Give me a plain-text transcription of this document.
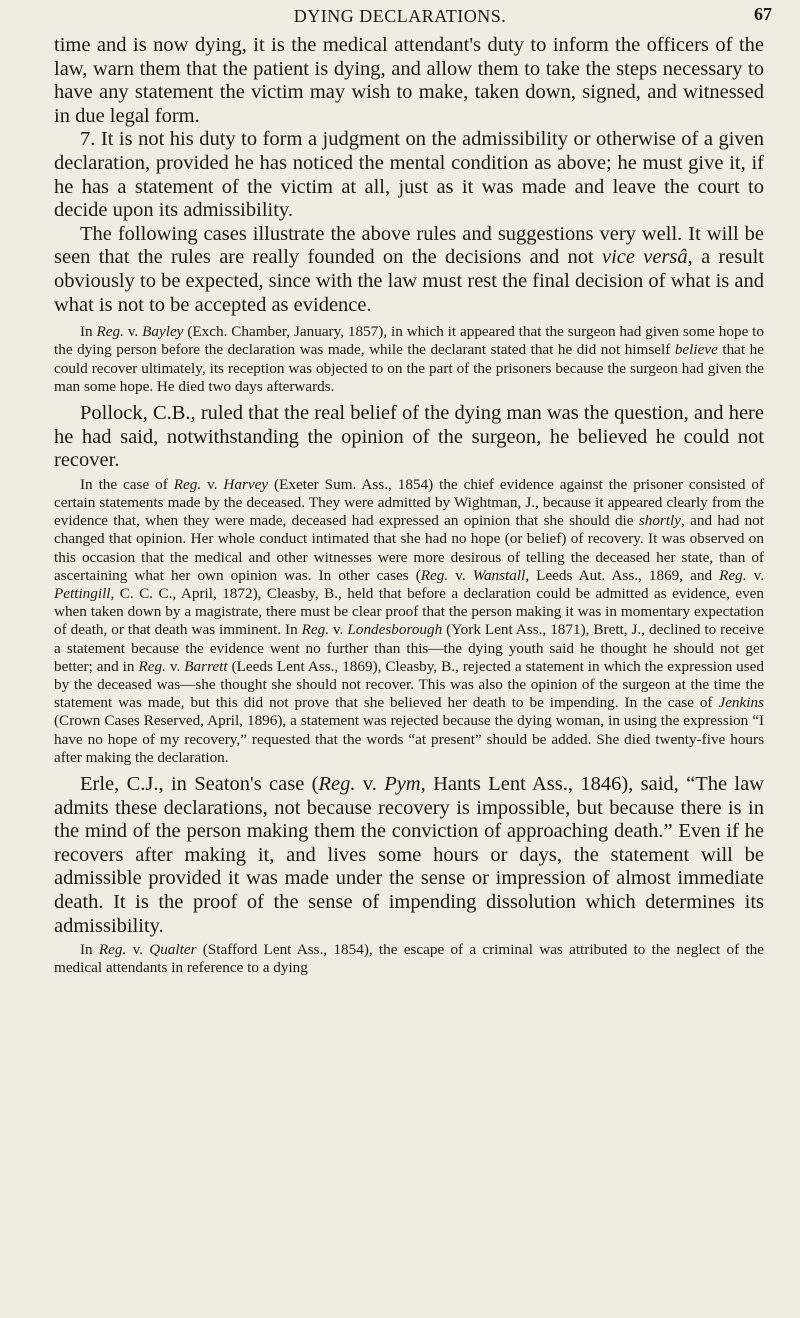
DYING DECLARATIONS.	67

time and is now dying, it is the medical attendant's duty to inform the officers of the law, warn them that the patient is dying, and allow them to take the steps necessary to have any statement the victim may wish to make, taken down, signed, and witnessed in due legal form.

7. It is not his duty to form a judgment on the admissibility or otherwise of a given declaration, provided he has noticed the mental condition as above; he must give it, if he has a statement of the victim at all, just as it was made and leave the court to decide upon its admissibility.

The following cases illustrate the above rules and suggestions very well. It will be seen that the rules are really founded on the decisions and not vice versâ, a result obviously to be expected, since with the law must rest the final decision of what is and what is not to be accepted as evidence.

In Reg. v. Bayley (Exch. Chamber, January, 1857), in which it appeared that the surgeon had given some hope to the dying person before the declaration was made, while the declarant stated that he did not himself believe that he could recover ultimately, its reception was objected to on the part of the prisoners because the surgeon had given the man some hope. He died two days afterwards.

Pollock, C.B., ruled that the real belief of the dying man was the question, and here he had said, notwithstanding the opinion of the surgeon, he believed he could not recover.

In the case of Reg. v. Harvey (Exeter Sum. Ass., 1854) the chief evidence against the prisoner consisted of certain statements made by the deceased. They were admitted by Wightman, J., because it appeared clearly from the evidence that, when they were made, deceased had expressed an opinion that she should die shortly, and had not changed that opinion. Her whole conduct intimated that she had no hope (or belief) of recovery. It was observed on this occasion that the medical and other witnesses were more desirous of telling the deceased her state, than of ascertaining what her own opinion was. In other cases (Reg. v. Wanstall, Leeds Aut. Ass., 1869, and Reg. v. Pettingill, C. C. C., April, 1872), Cleasby, B., held that before a declaration could be admitted as evidence, even when taken down by a magistrate, there must be clear proof that the person making it was in momentary expectation of death, or that death was imminent. In Reg. v. Londesborough (York Lent Ass., 1871), Brett, J., declined to receive a statement because the evidence went no further than this—the dying youth said he thought he should not get better; and in Reg. v. Barrett (Leeds Lent Ass., 1869), Cleasby, B., rejected a statement in which the expression used by the deceased was—she thought she should not recover. This was also the opinion of the surgeon at the time the statement was made, but this did not prove that she believed her death to be impending. In the case of Jenkins (Crown Cases Reserved, April, 1896), a statement was rejected because the dying woman, in using the expression “I have no hope of my recovery,” requested that the words “at present” should be added. She died twenty-five hours after making the declaration.

Erle, C.J., in Seaton's case (Reg. v. Pym, Hants Lent Ass., 1846), said, “The law admits these declarations, not because recovery is impossible, but because there is in the mind of the person making them the conviction of approaching death.” Even if he recovers after making it, and lives some hours or days, the statement will be admissible provided it was made under the sense or impression of almost immediate death. It is the proof of the sense of impending dissolution which determines its admissibility.

In Reg. v. Qualter (Stafford Lent Ass., 1854), the escape of a criminal was attributed to the neglect of the medical attendants in reference to a dying
